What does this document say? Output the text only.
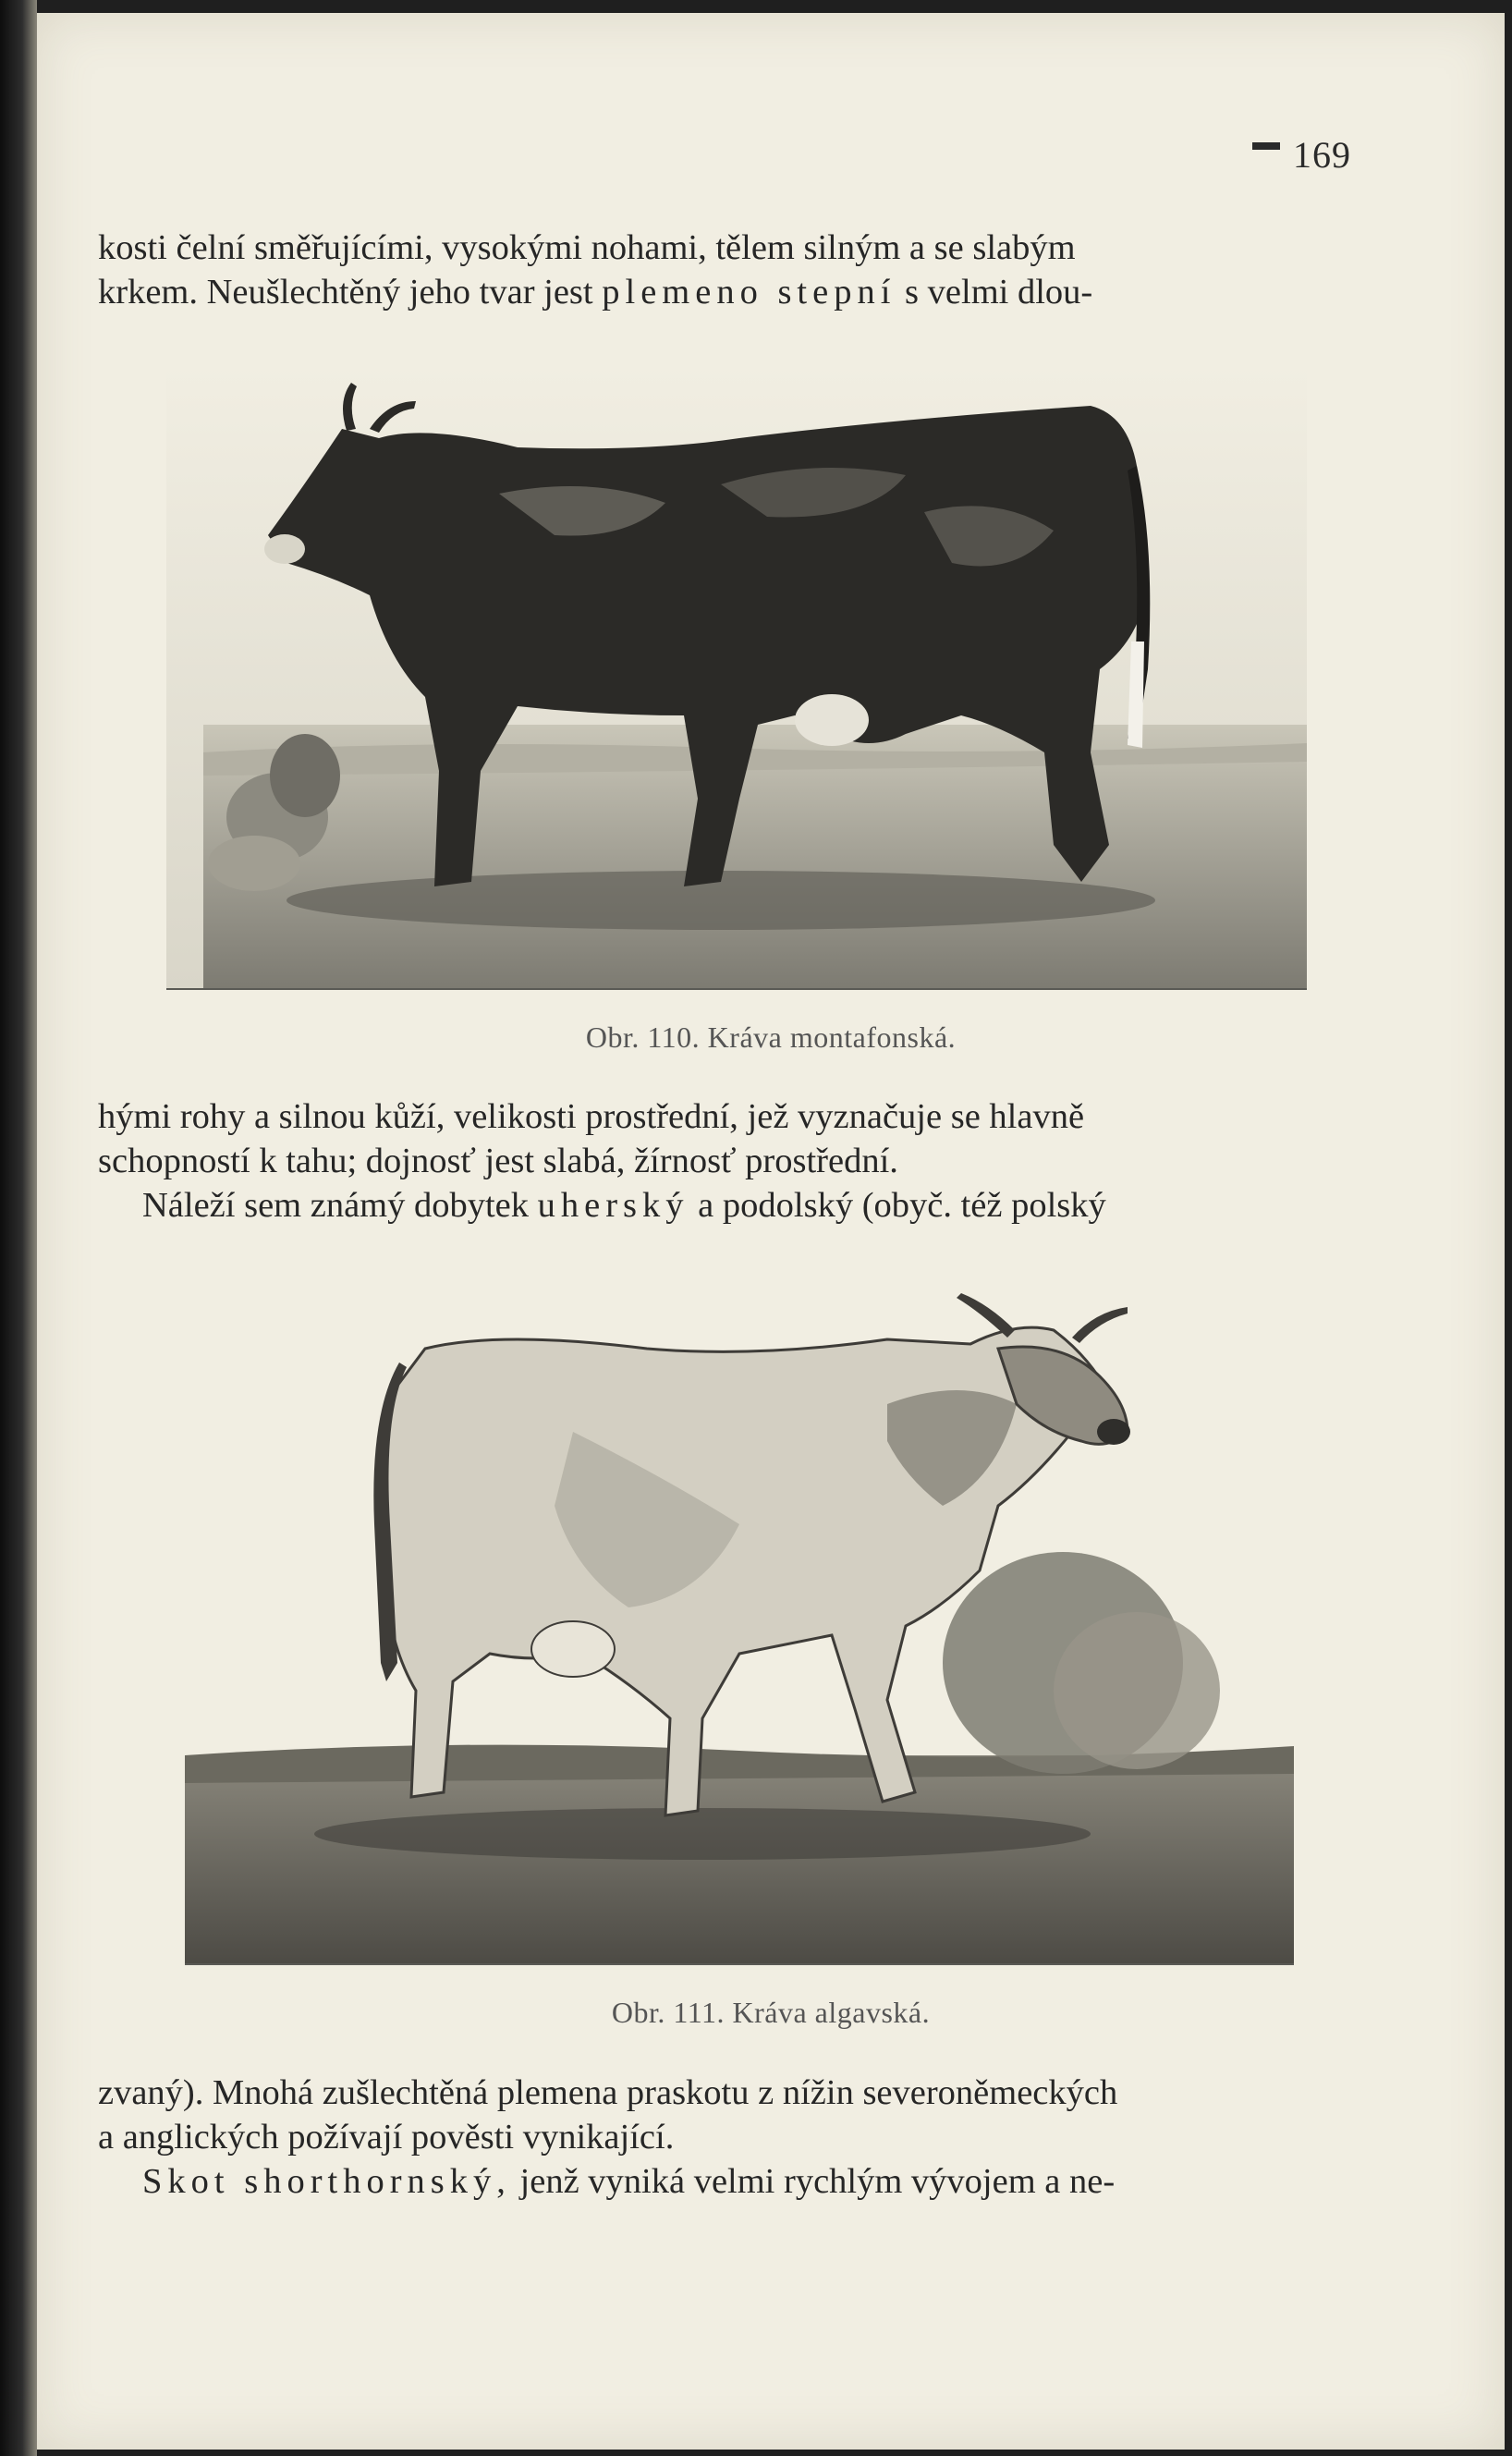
169

kosti čelní směřujícími, vysokými nohami, tělem silným a se slabým

krkem. Neušlechtěný jeho tvar jest plemeno stepní s velmi dlou-

Obr. 110. Kráva montafonská.

hými rohy a silnou kůží, velikosti prostřední, jež vyznačuje se hlavně

schopností k tahu; dojnosť jest slabá, žírnosť prostřední.

Náleží sem známý dobytek uherský a podolský (obyč. též polský

Obr. 111. Kráva algavská.

zvaný). Mnohá zušlechtěná plemena praskotu z nížin severoněmeckých

a anglických požívají pověsti vynikající.

Skot shorthornský, jenž vyniká velmi rychlým vývojem a ne-
